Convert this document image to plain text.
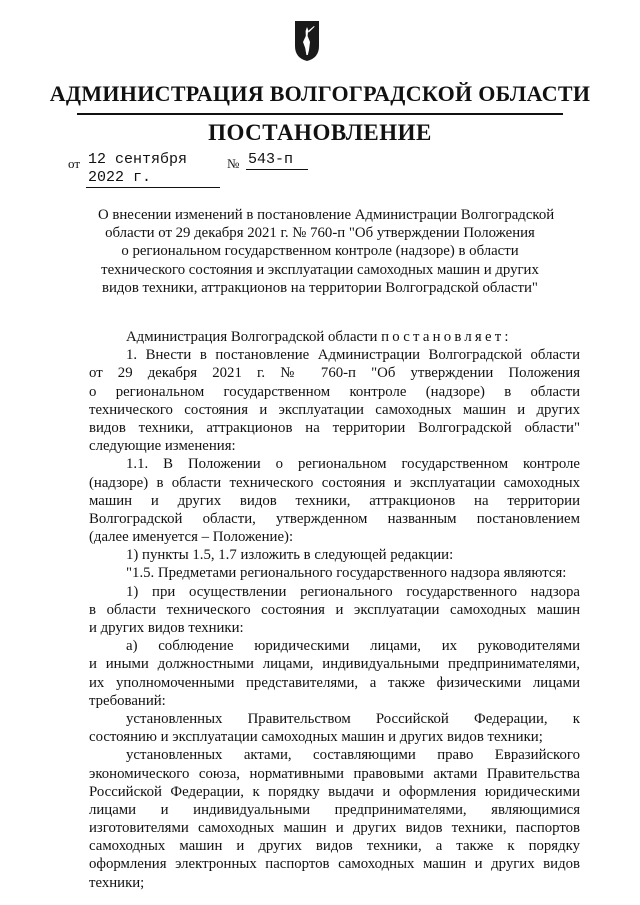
АДМИНИСТРАЦИЯ ВОЛГОГРАДСКОЙ ОБЛАСТИ
ПОСТАНОВЛЕНИЕ
от 12 сентября 2022 г.
№ 543-п
О внесении изменений в постановление Администрации Волгоградской
области от 29 декабря 2021 г. № 760-п "Об утверждении Положения
о региональном государственном контроле (надзоре) в области
технического состояния и эксплуатации самоходных машин и других
видов техники, аттракционов на территории Волгоградской области"
Администрация Волгоградской области постановляет:
1. Внести в постановление Администрации Волгоградской области
от 29 декабря 2021 г. № 760-п "Об утверждении Положения
о региональном государственном контроле (надзоре) в области
технического состояния и эксплуатации самоходных машин и других
видов техники, аттракционов на территории Волгоградской области"
следующие изменения:
1.1. В Положении о региональном государственном контроле
(надзоре) в области технического состояния и эксплуатации самоходных
машин и других видов техники, аттракционов на территории
Волгоградской области, утвержденном названным постановлением
(далее именуется – Положение):
1) пункты 1.5, 1.7 изложить в следующей редакции:
"1.5. Предметами регионального государственного надзора являются:
1) при осуществлении регионального государственного надзора
в области технического состояния и эксплуатации самоходных машин
и других видов техники:
а) соблюдение юридическими лицами, их руководителями
и иными должностными лицами, индивидуальными предпринимателями,
их уполномоченными представителями, а также физическими лицами
требований:
установленных Правительством Российской Федерации, к
состоянию и эксплуатации самоходных машин и других видов техники;
установленных актами, составляющими право Евразийского
экономического союза, нормативными правовыми актами Правительства
Российской Федерации, к порядку выдачи и оформления юридическими
лицами и индивидуальными предпринимателями, являющимися
изготовителями самоходных машин и других видов техники, паспортов
самоходных машин и других видов техники, а также к порядку
оформления электронных паспортов самоходных машин и других видов
техники;
